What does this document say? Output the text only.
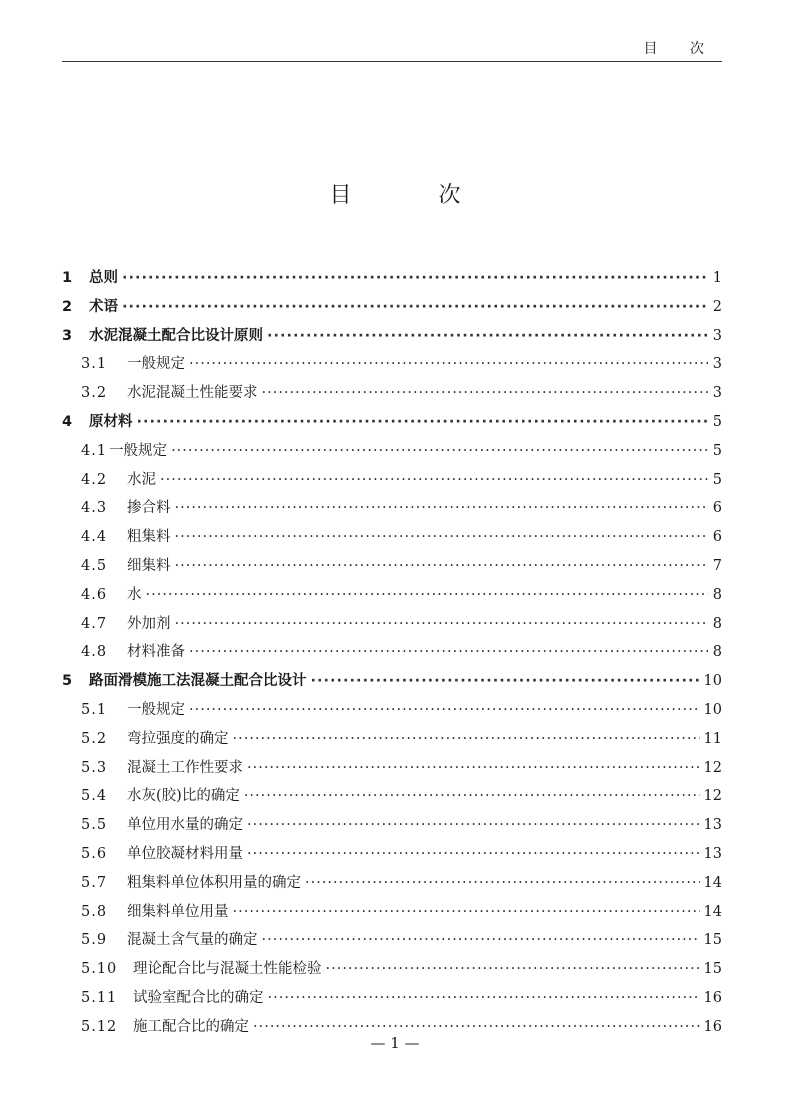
目 次
目 次
1	总则 ·····	1
2	术语 ·····	2
3	水泥混凝土配合比设计原则 ·····	3
3.1	一般规定 ·····	3
3.2	水泥混凝土性能要求 ·····	3
4	原材料 ·····	5
4.1 一般规定 ·····	5
4.2	水泥 ·····	5
4.3	掺合料 ·····	6
4.4	粗集料 ·····	6
4.5	细集料 ·····	7
4.6	水 ·····	8
4.7	外加剂 ·····	8
4.8	材料准备 ·····	8
5	路面滑模施工法混凝土配合比设计 ·····	10
5.1	一般规定 ·····	10
5.2	弯拉强度的确定 ·····	11
5.3	混凝土工作性要求 ·····	12
5.4	水灰(胶)比的确定 ·····	12
5.5	单位用水量的确定 ·····	13
5.6	单位胶凝材料用量 ·····	13
5.7	粗集料单位体积用量的确定 ·····	14
5.8	细集料单位用量 ·····	14
5.9	混凝土含气量的确定 ·····	15
5.10	理论配合比与混凝土性能检验 ·····	15
5.11	试验室配合比的确定 ·····	16
5.12	施工配合比的确定 ·····	16
— 1 —
